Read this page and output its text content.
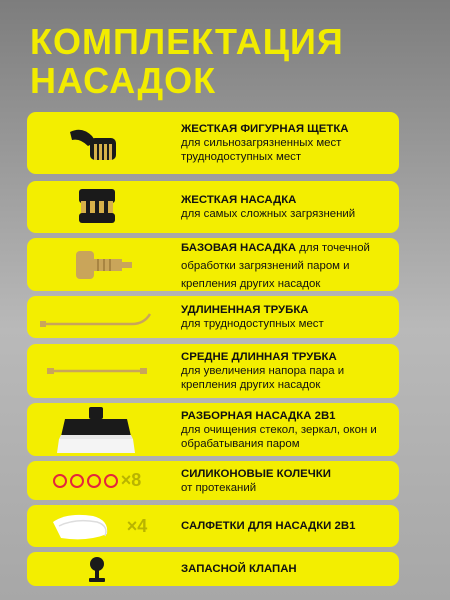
КОМПЛЕКТАЦИЯ
НАСАДОК
ЖЕСТКАЯ ФИГУРНАЯ ЩЕТКА
для сильнозагрязненных мест труднодоступных мест
ЖЕСТКАЯ НАСАДКА
для самых сложных загрязнений
БАЗОВАЯ НАСАДКА для точечной обработки загрязнений паром и крепления других насадок
УДЛИНЕННАЯ ТРУБКА
для труднодоступных мест
СРЕДНЕ ДЛИННАЯ ТРУБКА
для увеличения напора пара и крепления других насадок
РАЗБОРНАЯ НАСАДКА 2В1
для очищения стекол, зеркал, окон и обрабатывания паром
×8	СИЛИКОНОВЫЕ КОЛЕЧКИ
от протеканий
×4	САЛФЕТКИ ДЛЯ НАСАДКИ 2В1
ЗАПАСНОЙ КЛАПАН
